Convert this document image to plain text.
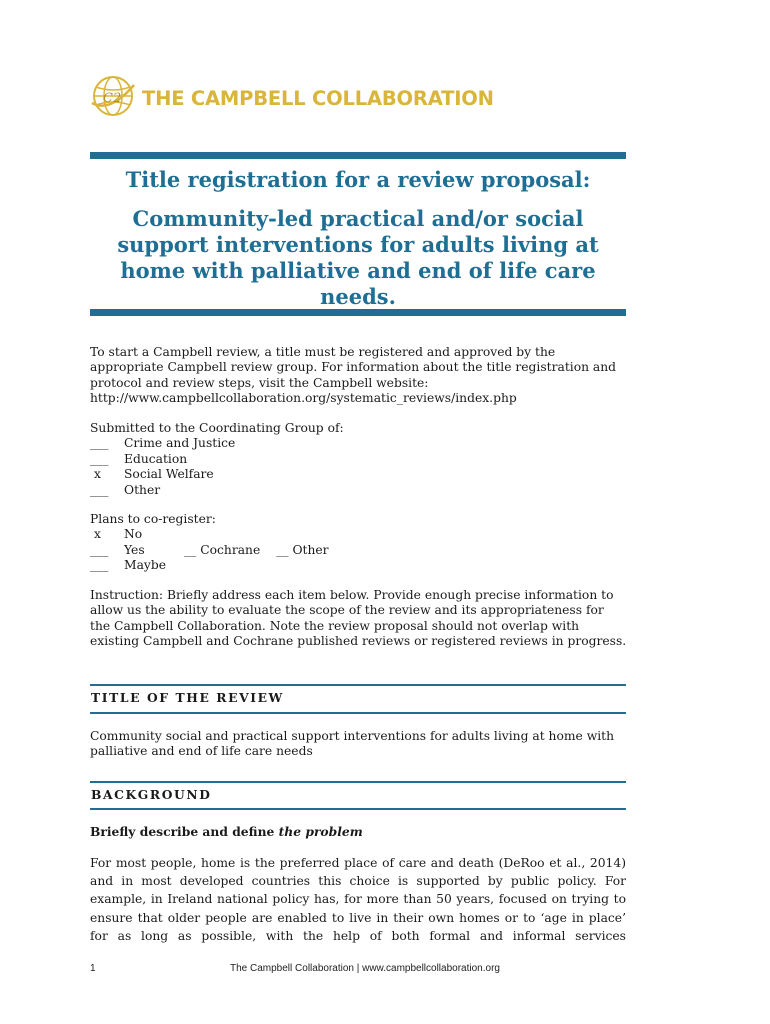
C2 THE CAMPBELL COLLABORATION
Title registration for a review proposal:
Community-led practical and/or social
support interventions for adults living at
home with palliative and end of life care
needs.
To start a Campbell review, a title must be registered and approved by the
appropriate Campbell review group. For information about the title registration and
protocol and review steps, visit the Campbell website:
http://www.campbellcollaboration.org/systematic_reviews/index.php
Submitted to the Coordinating Group of:
___ Crime and Justice
___ Education
x Social Welfare
___ Other
Plans to co-register:
x No
___ Yes	__ Cochrane __ Other
___ Maybe
Instruction: Briefly address each item below. Provide enough precise information to
allow us the ability to evaluate the scope of the review and its appropriateness for
the Campbell Collaboration. Note the review proposal should not overlap with
existing Campbell and Cochrane published reviews or registered reviews in progress.
TITLE OF THE REVIEW
Community social and practical support interventions for adults living at home with
palliative and end of life care needs
BACKGROUND
Briefly describe and define the problem
For most people, home is the preferred place of care and death (DeRoo et al., 2014)
and in most developed countries this choice is supported by public policy. For
example, in Ireland national policy has, for more than 50 years, focused on trying to
ensure that older people are enabled to live in their own homes or to ‘age in place’
for as long as possible, with the help of both formal and informal services
1	The Campbell Collaboration | www.campbellcollaboration.org
